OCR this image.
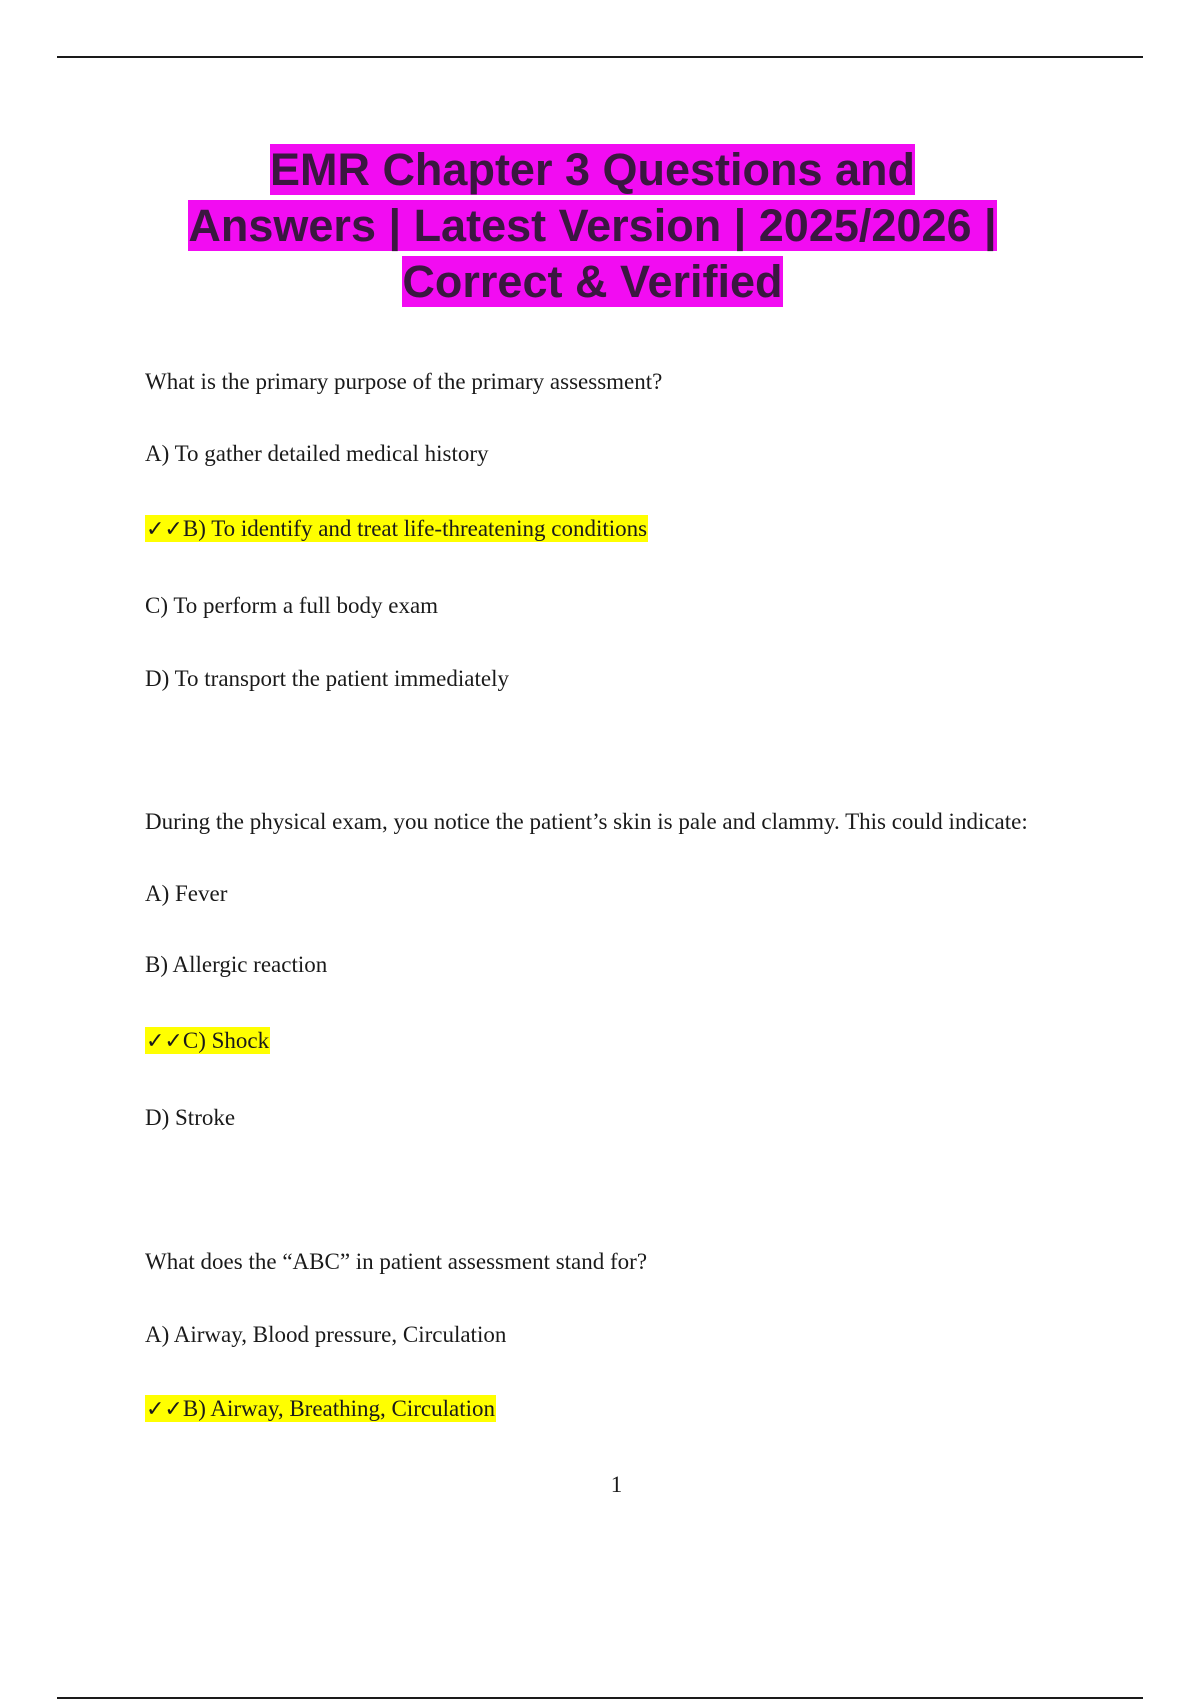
EMR Chapter 3 Questions and
Answers | Latest Version | 2025/2026 |
Correct & Verified

What is the primary purpose of the primary assessment?

A) To gather detailed medical history

✓✓B) To identify and treat life-threatening conditions

C) To perform a full body exam

D) To transport the patient immediately

During the physical exam, you notice the patient’s skin is pale and clammy. This could indicate:

A) Fever

B) Allergic reaction

✓✓C) Shock

D) Stroke

What does the “ABC” in patient assessment stand for?

A) Airway, Blood pressure, Circulation

✓✓B) Airway, Breathing, Circulation

1
